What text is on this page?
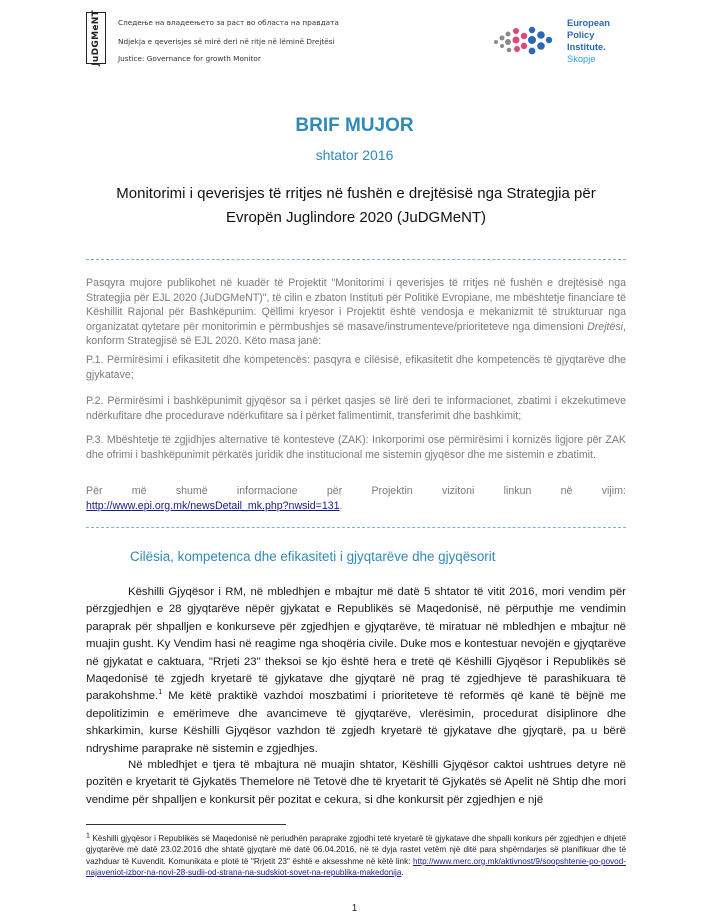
JuDGMeNT Следење на владеењето за раст во областа на правдата
Ndjekja e qeverisjes së mirë deri në ritje në lëminë Drejtësi
Justice: Governance for growth Monitor
European
Policy
Institute.
Skopje
BRIF MUJOR
shtator 2016
Monitorimi i qeverisjes të rritjes në fushën e drejtësisë nga Strategjia për
Evropën Juglindore 2020 (JuDGMeNT)
Pasqyra mujore publikohet në kuadër të Projektit "Monitorimi i qeverisjes të rritjes në fushën e drejtësisë nga Strategjia për EJL 2020 (JuDGMeNT)", të cilin e zbaton Instituti për Politikë Evropiane, me mbështetje financiare të Këshillit Rajonal për Bashkëpunim. Qëllimi kryesor i Projektit është vendosja e mekanizmit të strukturuar nga organizatat qytetare për monitorimin e përmbushjes së masave/instrumenteve/prioriteteve nga dimensioni Drejtësi, konform Strategjisë së EJL 2020. Këto masa janë:
P.1. Përmirësimi i efikasitetit dhe kompetencës: pasqyra e cilësisë, efikasitetit dhe kompetencës të gjyqtarëve dhe gjykatave;
P.2. Përmirësimi i bashkëpunimit gjyqësor sa i përket qasjes së lirë deri te informacionet, zbatimi i ekzekutimeve ndërkufitare dhe procedurave ndërkufitare sa i përket falimentimit, transferimit dhe bashkimit;
P.3. Mbështetje të zgjidhjes alternative të kontesteve (ZAK): Inkorporimi ose përmirësimi i kornizës ligjore për ZAK dhe ofrimi i bashkëpunimit përkatës juridik dhe institucional me sistemin gjyqësor dhe me sistemin e zbatimit.
Për	më	shumë	informacione	për	Projektin	vizitoni	linkun	në	vijim:
http://www.epi.org.mk/newsDetail_mk.php?nwsid=131.
Cilësia, kompetenca dhe efikasiteti i gjyqtarëve dhe gjyqësorit
Këshilli Gjyqësor i RM, në mbledhjen e mbajtur më datë 5 shtator të vitit 2016, mori vendim për përzgjedhjen e 28 gjyqtarëve nëpër gjykatat e Republikës së Maqedonisë, në përputhje me vendimin paraprak për shpalljen e konkurseve për zgjedhjen e gjyqtarëve, të miratuar në mbledhjen e mbajtur në muajin gusht. Ky Vendim hasi në reagime nga shoqëria civile. Duke mos e kontestuar nevojën e gjyqtarëve në gjykatat e caktuara, "Rrjeti 23" theksoi se kjo është hera e tretë që Këshilli Gjyqësor i Republikës së Maqedonisë të zgjedh kryetarë të gjykatave dhe gjyqtarë në prag të zgjedhjeve të parashikuara të parakohshme.$^1$ Me këtë praktikë vazhdoi moszbatimi i prioriteteve të reformës që kanë të bëjnë me depolitizimin e emërimeve dhe avancimeve të gjyqtarëve, vlerësimin, procedurat disiplinore dhe shkarkimin, kurse Këshilli Gjyqësor vazhdon të zgjedh kryetarë të gjykatave dhe gjyqtarë, pa u bërë ndryshime paraprake në sistemin e zgjedhjes.
Në mbledhjet e tjera të mbajtura në muajin shtator, Këshilli Gjyqësor caktoi ushtrues detyre në pozitën e kryetarit të Gjykatës Themelore në Tetovë dhe të kryetarit të Gjykatës së Apelit në Shtip dhe mori vendime për shpalljen e konkursit për pozitat e cekura, si dhe konkursit për zgjedhjen e një
$^1$ Këshilli gjyqësor i Republikës së Maqedonisë në periudhën paraprake zgjodhi tetë kryetarë të gjykatave dhe shpalli konkurs për zgjedhjen e dhjetë gjyqtarëve më datë 23.02.2016 dhe shtatë gjyqtarë më datë 06.04.2016, në të dyja rastet vetëm një ditë para shpërndarjes së planifikuar dhe të vazhduar të Kuvendit. Komunikata e plotë të "Rrjetit 23" është e aksesshme në këtë link: http://www.merc.org.mk/aktivnost/9/soopshtenie-po-povod-najaveniot-izbor-na-novi-28-sudii-od-strana-na-sudskiot-sovet-na-republika-makedonija.
1
